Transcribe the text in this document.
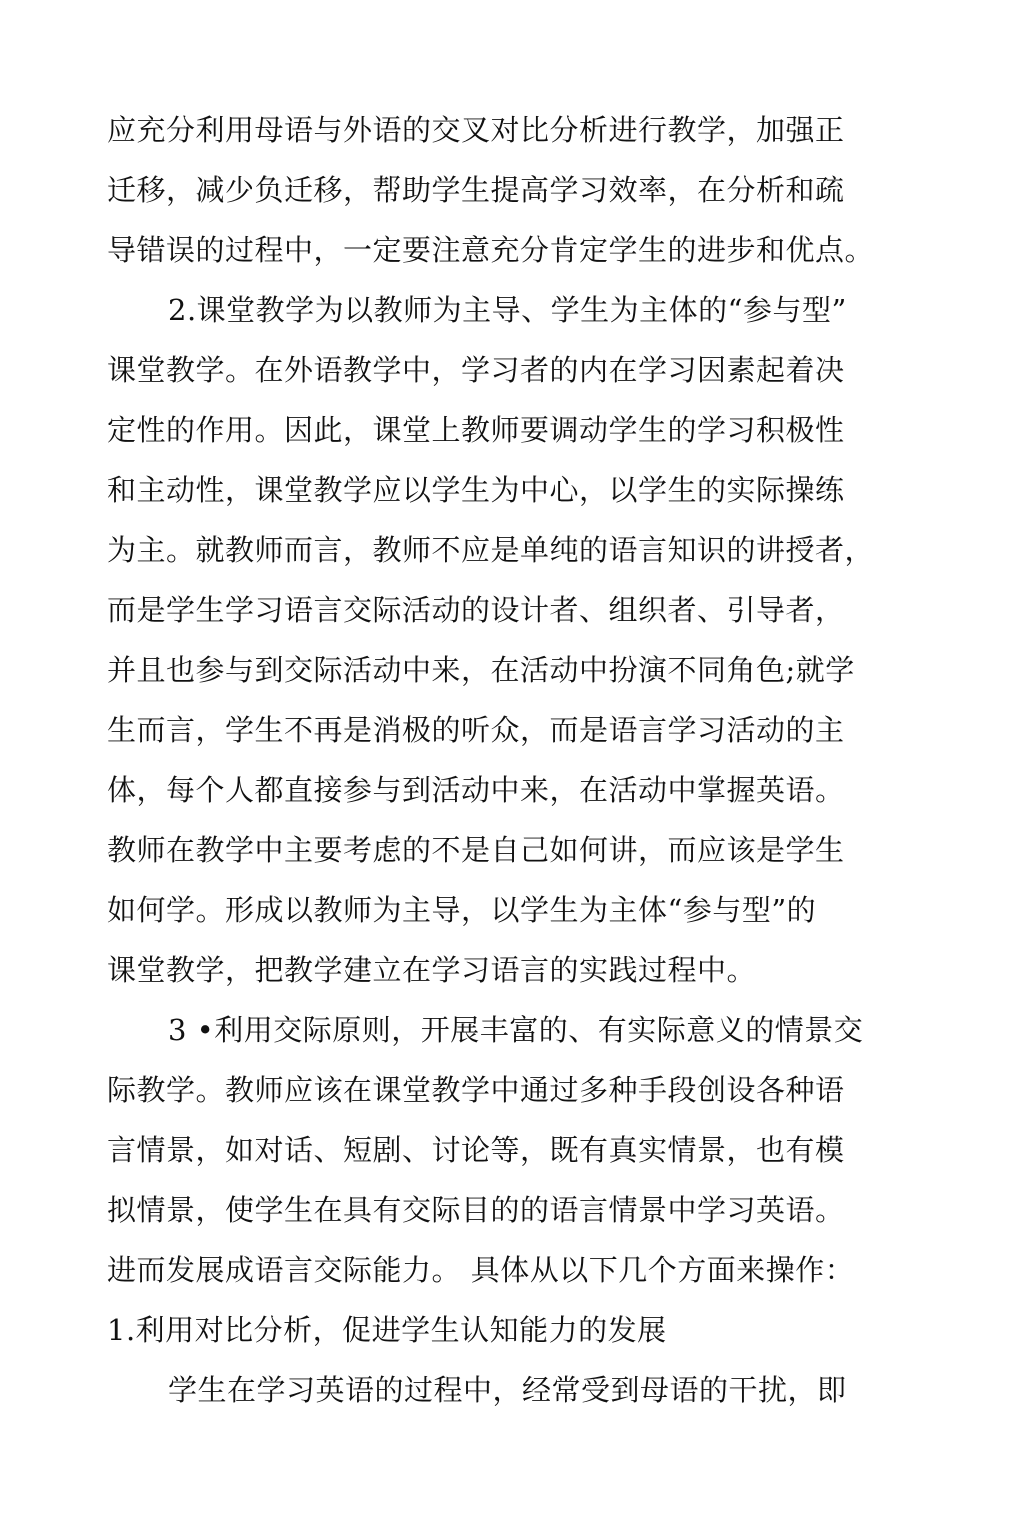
应充分利用母语与外语的交叉对比分析进行教学，加强正
迁移，减少负迁移，帮助学生提高学习效率，在分析和疏
导错误的过程中，一定要注意充分肯定学生的进步和优点。
2.课堂教学为以教师为主导、学生为主体的“参与型”
课堂教学。在外语教学中，学习者的内在学习因素起着决
定性的作用。因此，课堂上教师要调动学生的学习积极性
和主动性，课堂教学应以学生为中心，以学生的实际操练
为主。就教师而言，教师不应是单纯的语言知识的讲授者，
而是学生学习语言交际活动的设计者、组织者、引导者，
并且也参与到交际活动中来，在活动中扮演不同角色;就学
生而言，学生不再是消极的听众，而是语言学习活动的主
体，每个人都直接参与到活动中来，在活动中掌握英语。
教师在教学中主要考虑的不是自己如何讲，而应该是学生
如何学。形成以教师为主导，以学生为主体“参与型”的
课堂教学，把教学建立在学习语言的实践过程中。
3 •利用交际原则，开展丰富的、有实际意义的情景交
际教学。教师应该在课堂教学中通过多种手段创设各种语
言情景，如对话、短剧、讨论等，既有真实情景，也有模
拟情景，使学生在具有交际目的的语言情景中学习英语。
进而发展成语言交际能力。 具体从以下几个方面来操作：
1.利用对比分析，促进学生认知能力的发展
学生在学习英语的过程中，经常受到母语的干扰，即
